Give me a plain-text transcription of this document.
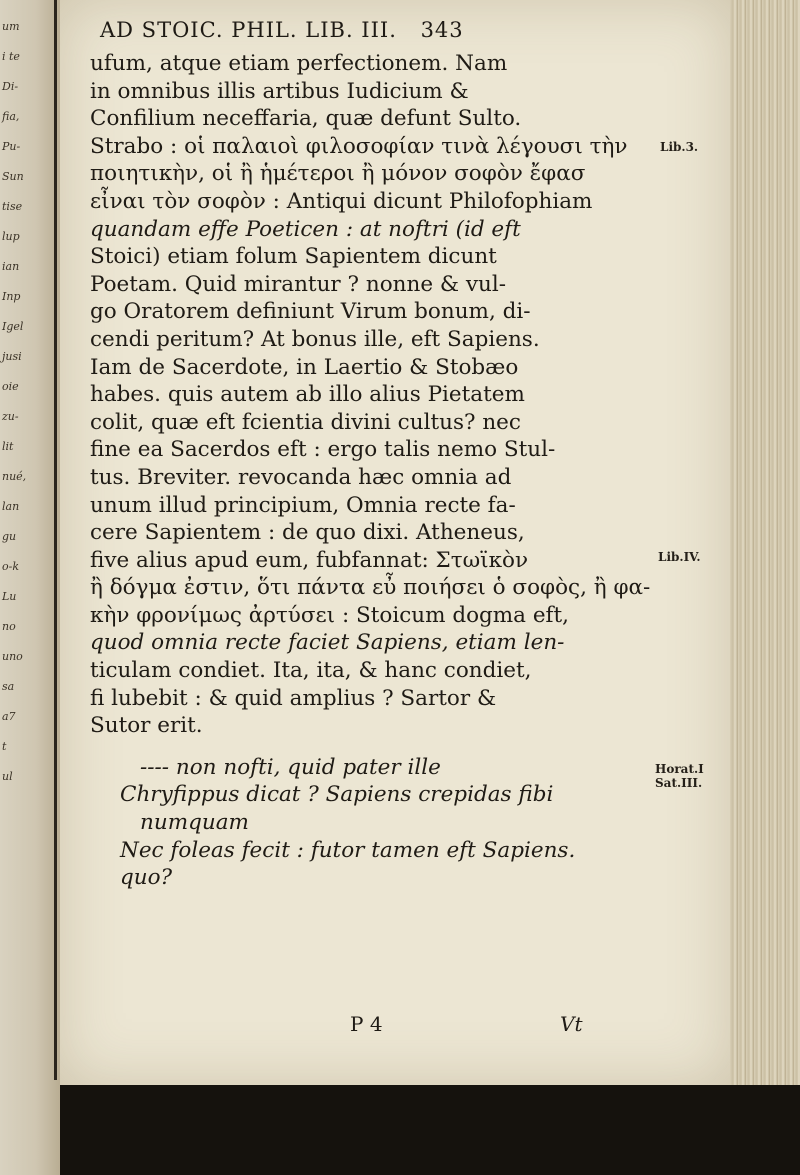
um
i te
Di-
fia,
Pu-
Sun
tise
lup
ian
Inp
Igel
jusi
oie
zu-
lit
nué,
lan
gu
o-k
Lu
no
uno
sa
a7
t
ul
AD STOIC. PHIL. LIB. III. 343
ufum, atque etiam perfectionem. Nam
in omnibus illis artibus Iudicium &
Confilium neceffaria, quæ defunt Sulto.
Strabo : οἱ παλαιοὶ φιλοσοφίαν τινὰ λέγουσι τὴν
ποιητικὴν, οἱ ἢ ἡμέτεροι ἢ μόνον σοφὸν ἔφασ
εἶναι τὸν σοφὸν : Antiqui dicunt Philofophiam
quandam effe Poeticen : at noftri (id eft
Stoici) etiam folum Sapientem dicunt
Poetam. Quid mirantur ? nonne & vul-
go Oratorem definiunt Virum bonum, di-
cendi peritum? At bonus ille, eft Sapiens.
Iam de Sacerdote, in Laertio & Stobæo
habes. quis autem ab illo alius Pietatem
colit, quæ eft fcientia divini cultus? nec
fine ea Sacerdos eft : ergo talis nemo Stul-
tus. Breviter. revocanda hæc omnia ad
unum illud principium, Omnia recte fa-
cere Sapientem : de quo dixi. Atheneus,
five alius apud eum, fubfannat: Στωϊκὸν
ἢ δόγμα ἐστιν, ὅτι πάντα εὖ ποιήσει ὁ σοφὸς, ἢ φα-
κὴν φρονίμως ἀρτύσει : Stoicum dogma eft,
quod omnia recte faciet Sapiens, etiam len-
ticulam condiet. Ita, ita, & hanc condiet,
fi lubebit : & quid amplius ? Sartor &
Sutor erit.
---- non nofti, quid pater ille
Chryfippus dicat ? Sapiens crepidas fibi
numquam
Nec foleas fecit : futor tamen eft Sapiens.
quo?
Lib.3.
Lib.IV.
Horat.I Sat.III.
P 4	Vt
